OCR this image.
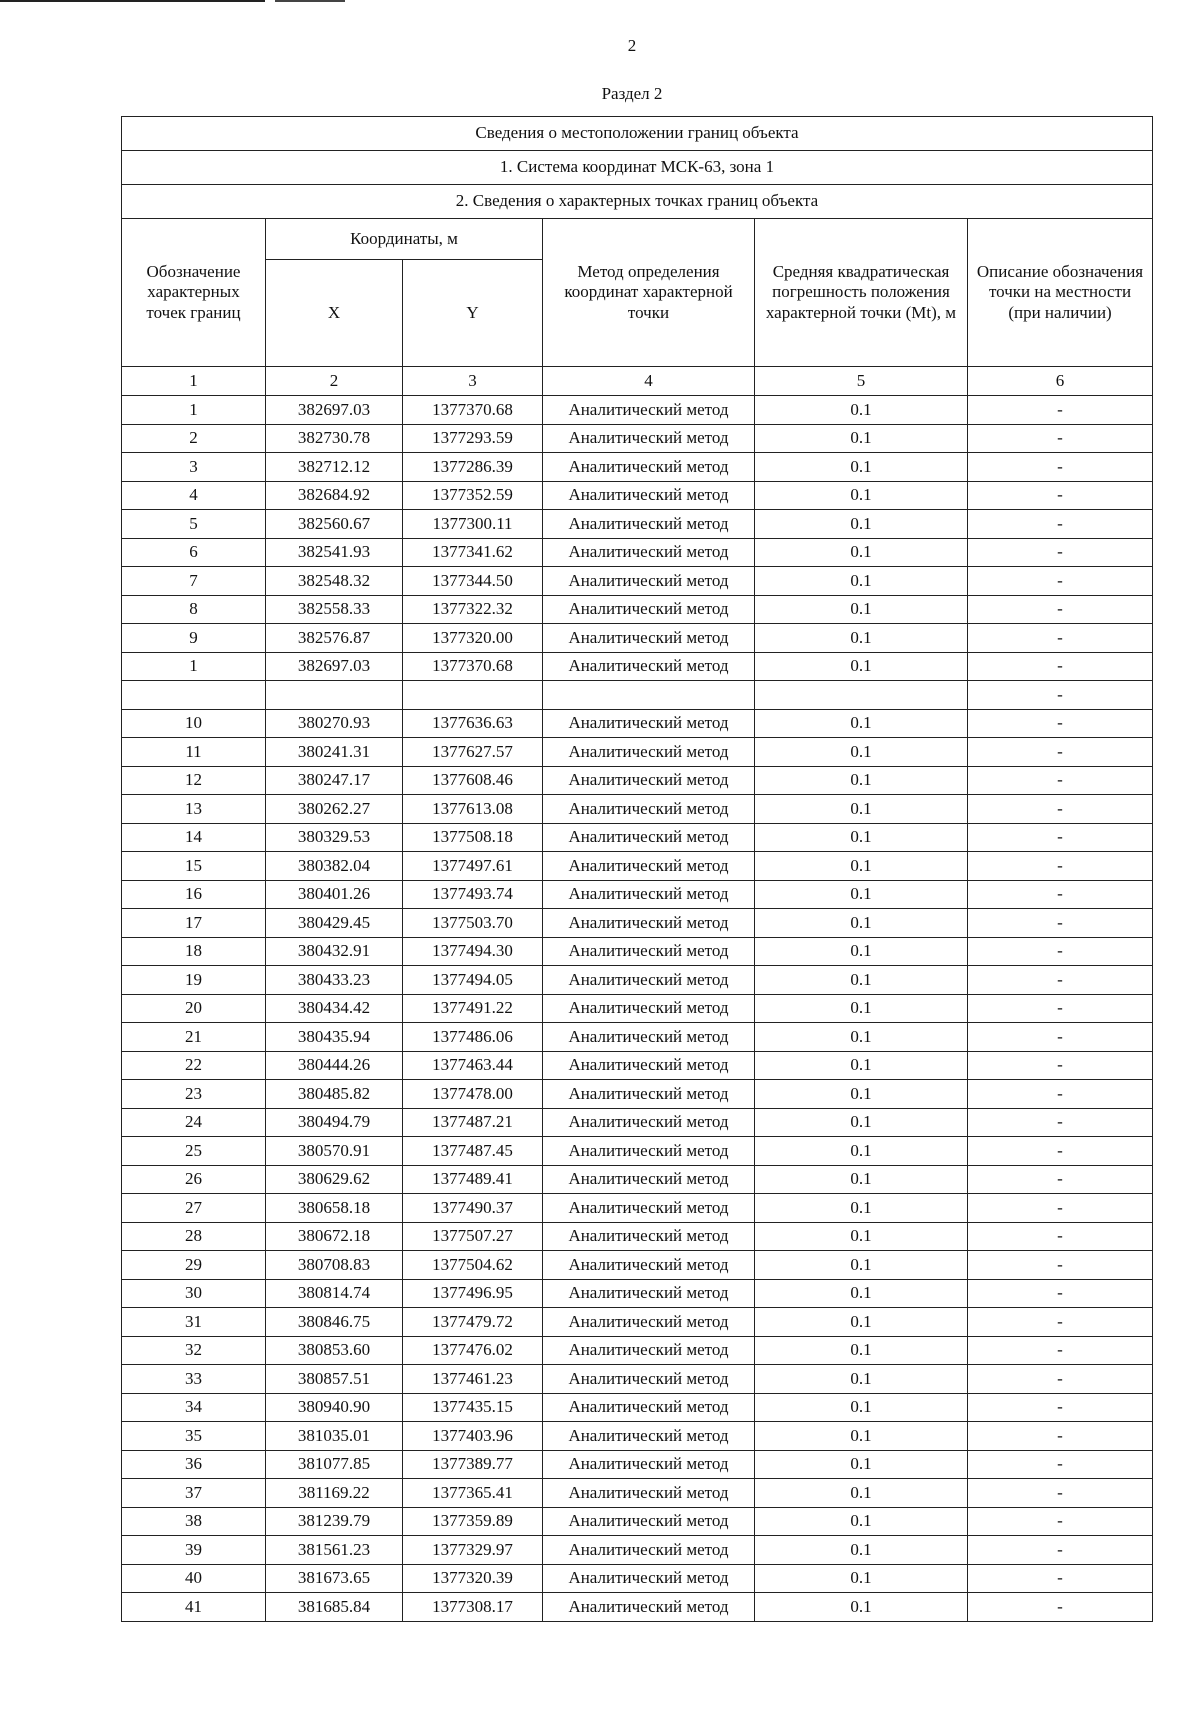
2
Раздел 2
Сведения о местоположении границ объекта					
1. Система координат МСК-63, зона 1					
2. Сведения о характерных точках границ объекта					
Обозначение характерных точек границ	Координаты, м		Метод определения координат характерной точки	Средняя квадратическая погрешность положения характерной точки (Mt), м	Описание обозначения точки на местности (при наличии)
	X	Y			
1	2	3	4	5	6
1	382697.03	1377370.68	Аналитический метод	0.1	-
2	382730.78	1377293.59	Аналитический метод	0.1	-
3	382712.12	1377286.39	Аналитический метод	0.1	-
4	382684.92	1377352.59	Аналитический метод	0.1	-
5	382560.67	1377300.11	Аналитический метод	0.1	-
6	382541.93	1377341.62	Аналитический метод	0.1	-
7	382548.32	1377344.50	Аналитический метод	0.1	-
8	382558.33	1377322.32	Аналитический метод	0.1	-
9	382576.87	1377320.00	Аналитический метод	0.1	-
1	382697.03	1377370.68	Аналитический метод	0.1	-
					-
10	380270.93	1377636.63	Аналитический метод	0.1	-
11	380241.31	1377627.57	Аналитический метод	0.1	-
12	380247.17	1377608.46	Аналитический метод	0.1	-
13	380262.27	1377613.08	Аналитический метод	0.1	-
14	380329.53	1377508.18	Аналитический метод	0.1	-
15	380382.04	1377497.61	Аналитический метод	0.1	-
16	380401.26	1377493.74	Аналитический метод	0.1	-
17	380429.45	1377503.70	Аналитический метод	0.1	-
18	380432.91	1377494.30	Аналитический метод	0.1	-
19	380433.23	1377494.05	Аналитический метод	0.1	-
20	380434.42	1377491.22	Аналитический метод	0.1	-
21	380435.94	1377486.06	Аналитический метод	0.1	-
22	380444.26	1377463.44	Аналитический метод	0.1	-
23	380485.82	1377478.00	Аналитический метод	0.1	-
24	380494.79	1377487.21	Аналитический метод	0.1	-
25	380570.91	1377487.45	Аналитический метод	0.1	-
26	380629.62	1377489.41	Аналитический метод	0.1	-
27	380658.18	1377490.37	Аналитический метод	0.1	-
28	380672.18	1377507.27	Аналитический метод	0.1	-
29	380708.83	1377504.62	Аналитический метод	0.1	-
30	380814.74	1377496.95	Аналитический метод	0.1	-
31	380846.75	1377479.72	Аналитический метод	0.1	-
32	380853.60	1377476.02	Аналитический метод	0.1	-
33	380857.51	1377461.23	Аналитический метод	0.1	-
34	380940.90	1377435.15	Аналитический метод	0.1	-
35	381035.01	1377403.96	Аналитический метод	0.1	-
36	381077.85	1377389.77	Аналитический метод	0.1	-
37	381169.22	1377365.41	Аналитический метод	0.1	-
38	381239.79	1377359.89	Аналитический метод	0.1	-
39	381561.23	1377329.97	Аналитический метод	0.1	-
40	381673.65	1377320.39	Аналитический метод	0.1	-
41	381685.84	1377308.17	Аналитический метод	0.1	-
